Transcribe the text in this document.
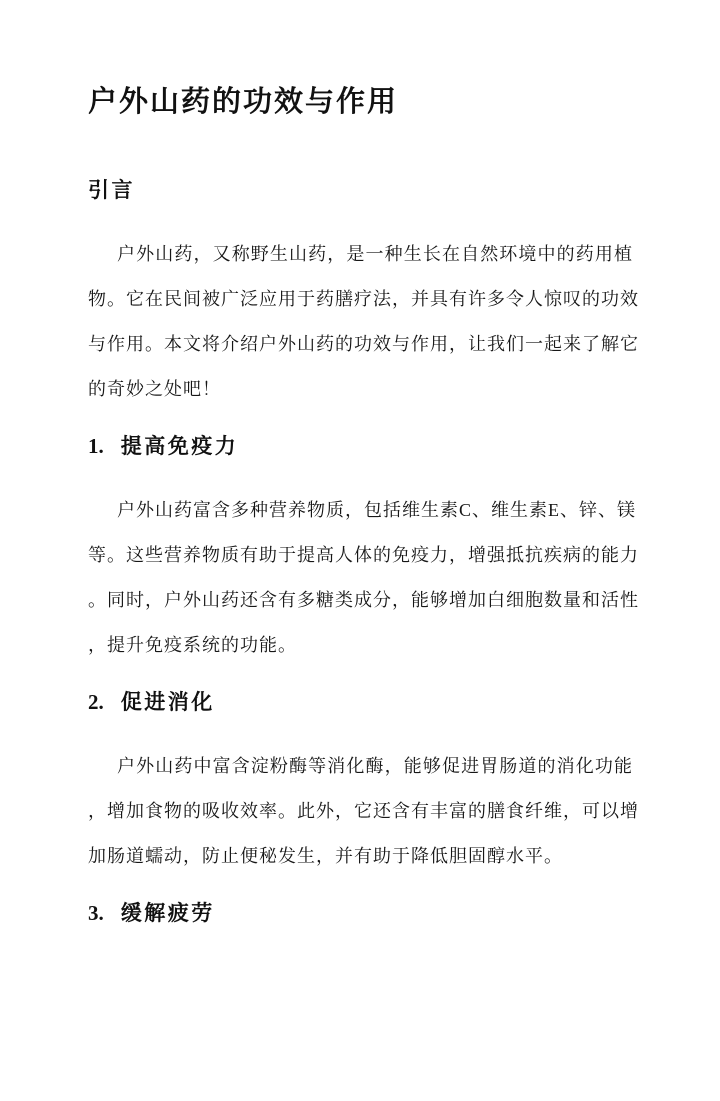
户外山药的功效与作用
引言
户外山药，又称野生山药，是一种生长在自然环境中的药用植
物。它在民间被广泛应用于药膳疗法，并具有许多令人惊叹的功效
与作用。本文将介绍户外山药的功效与作用，让我们一起来了解它
的奇妙之处吧！
1. 提高免疫力
户外山药富含多种营养物质，包括维生素C、维生素E、锌、镁
等。这些营养物质有助于提高人体的免疫力，增强抵抗疾病的能力
。同时，户外山药还含有多糖类成分，能够增加白细胞数量和活性
，提升免疫系统的功能。
2. 促进消化
户外山药中富含淀粉酶等消化酶，能够促进胃肠道的消化功能
，增加食物的吸收效率。此外，它还含有丰富的膳食纤维，可以增
加肠道蠕动，防止便秘发生，并有助于降低胆固醇水平。
3. 缓解疲劳
